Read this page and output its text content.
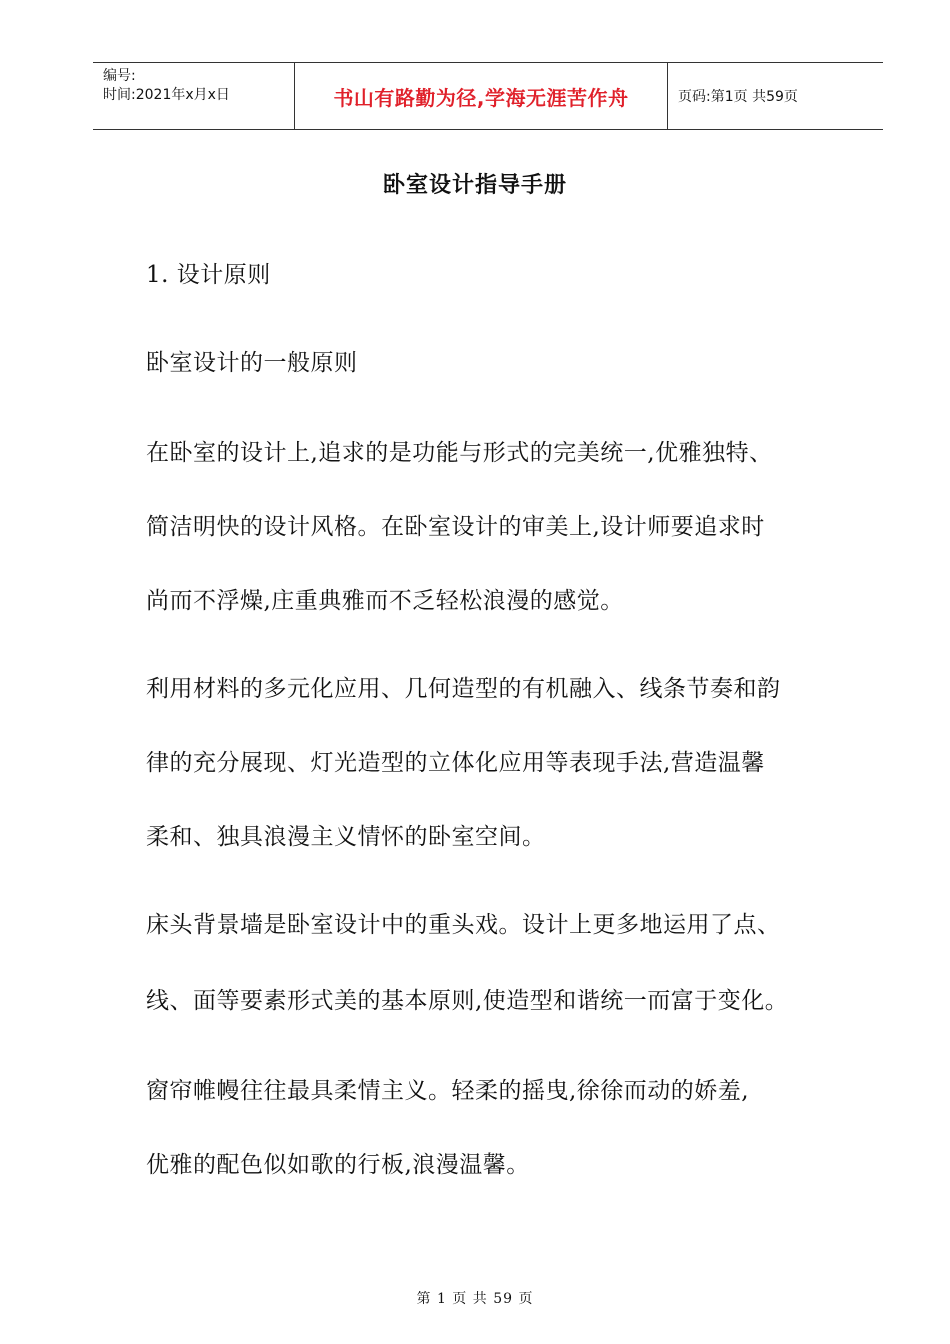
编号:
时间:2021年x月x日	书山有路勤为径,学海无涯苦作舟	页码:第1页 共59页
卧室设计指导手册
1. 设计原则
卧室设计的一般原则
在卧室的设计上,追求的是功能与形式的完美统一,优雅独特、
简洁明快的设计风格。在卧室设计的审美上,设计师要追求时
尚而不浮燥,庄重典雅而不乏轻松浪漫的感觉。
利用材料的多元化应用、几何造型的有机融入、线条节奏和韵
律的充分展现、灯光造型的立体化应用等表现手法,营造温馨
柔和、独具浪漫主义情怀的卧室空间。
床头背景墙是卧室设计中的重头戏。设计上更多地运用了点、
线、面等要素形式美的基本原则,使造型和谐统一而富于变化。
窗帘帷幔往往最具柔情主义。轻柔的摇曳,徐徐而动的娇羞,
优雅的配色似如歌的行板,浪漫温馨。
第 1 页 共 59 页
